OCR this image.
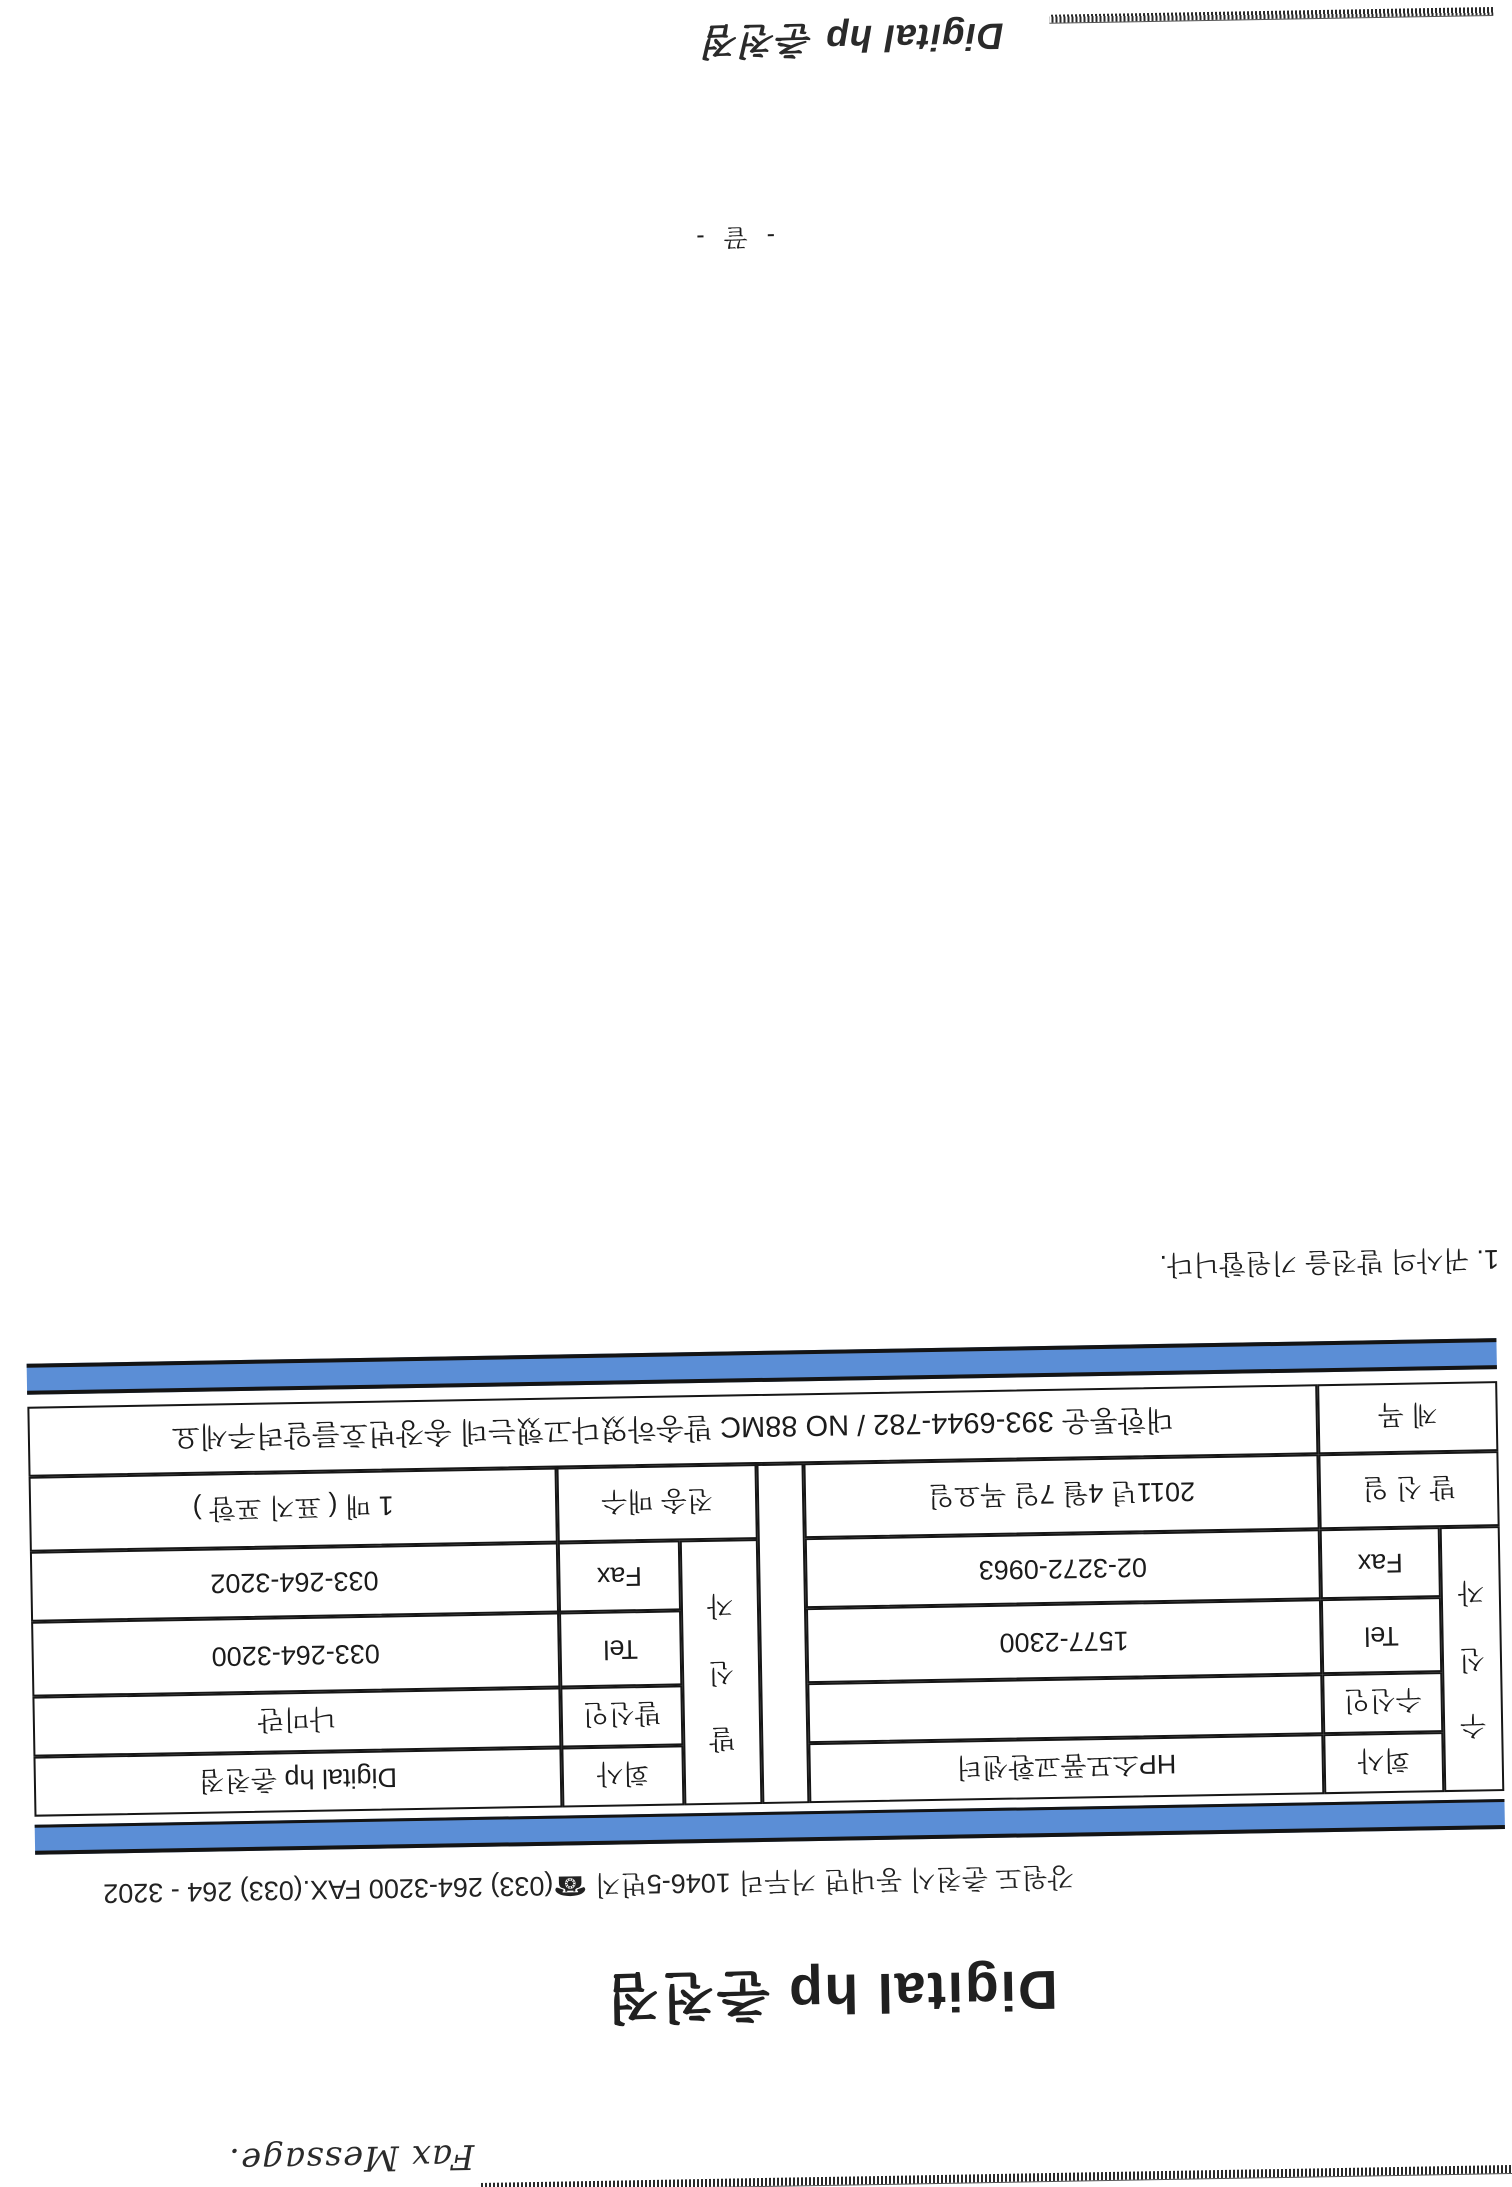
Fax Message.
Digital hp 춘천점
강원도 춘천시 동내면 거두리 1046-5번지 ☎(033) 264-3200 FAX.(033) 264 - 3202
수신자
회사
HP소모품교환센터
수신인
Tel
1577-2300
Fax
02-3272-0963
발신자
회사
Digital hp 춘천점
발신인
나미란
Tel
033-264-3200
Fax
033-264-3202
발 신 일
2011년 4월 7일 목요일
전송 매수
1 매 ( 표지 포함 )
제 목
대한통운 393-6944-782 / NO 88MC 발송하였다고했는데 송장번호를알려주세요
1. 귀사의 발전을 기원합니다.
- 끝 -
Digital hp 춘천점
